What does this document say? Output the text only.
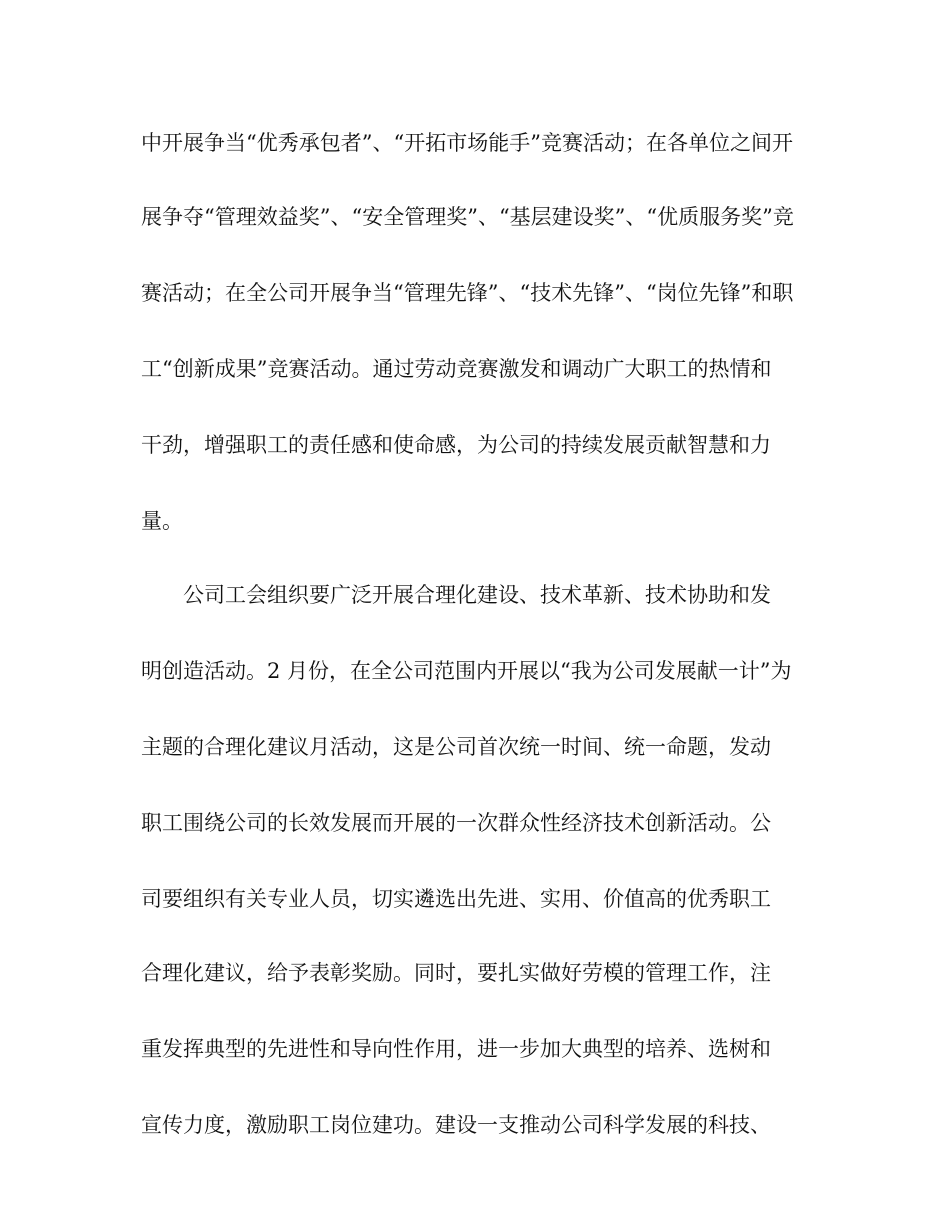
中开展争当“优秀承包者”、“开拓市场能手”竞赛活动；在各单位之间开
展争夺“管理效益奖”、“安全管理奖”、“基层建设奖”、“优质服务奖”竞
赛活动；在全公司开展争当“管理先锋”、“技术先锋”、“岗位先锋”和职
工“创新成果”竞赛活动。通过劳动竞赛激发和调动广大职工的热情和
干劲，增强职工的责任感和使命感，为公司的持续发展贡献智慧和力
量。
公司工会组织要广泛开展合理化建设、技术革新、技术协助和发
明创造活动。2 月份，在全公司范围内开展以“我为公司发展献一计”为
主题的合理化建议月活动，这是公司首次统一时间、统一命题，发动
职工围绕公司的长效发展而开展的一次群众性经济技术创新活动。公
司要组织有关专业人员，切实遴选出先进、实用、价值高的优秀职工
合理化建议，给予表彰奖励。同时，要扎实做好劳模的管理工作，注
重发挥典型的先进性和导向性作用，进一步加大典型的培养、选树和
宣传力度，激励职工岗位建功。建设一支推动公司科学发展的科技、
